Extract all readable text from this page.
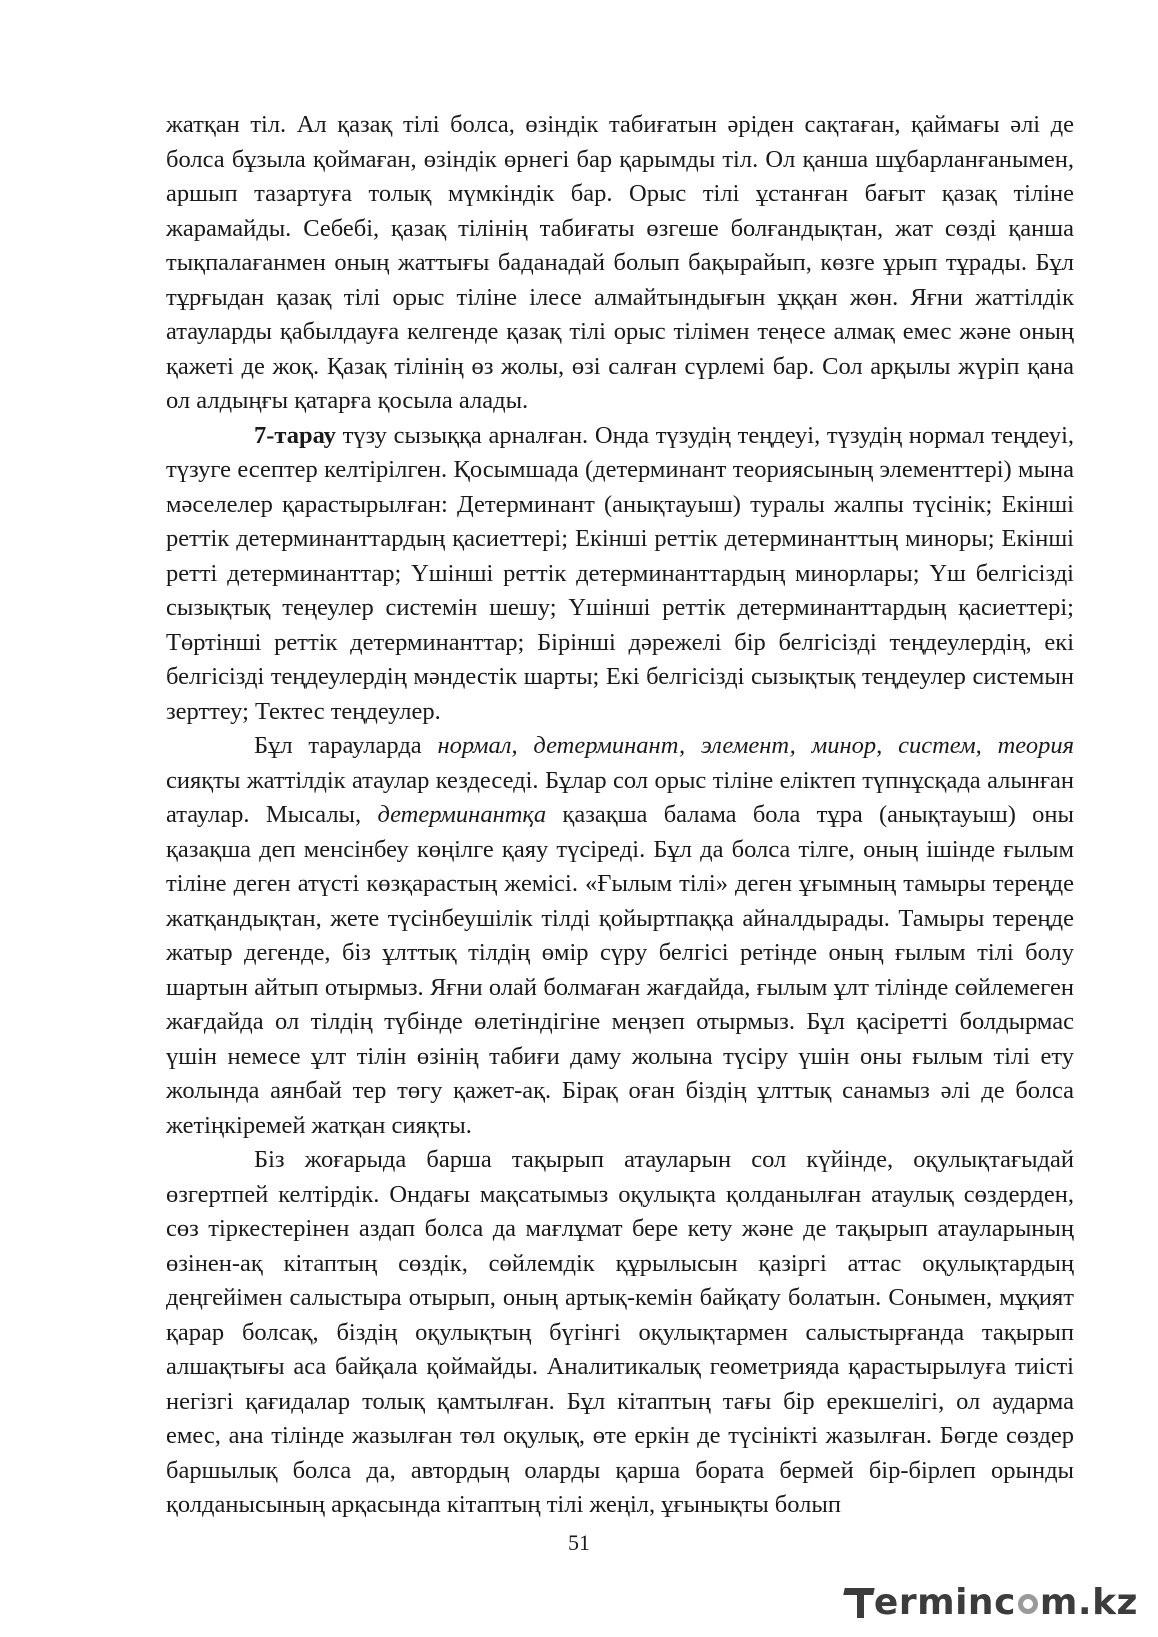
жатқан тіл. Ал қазақ тілі болса, өзіндік табиғатын әріден сақтаған, қаймағы әлі де болса бұзыла қоймаған, өзіндік өрнегі бар қарымды тіл. Ол қанша шұбарланғанымен, аршып тазартуға толық мүмкіндік бар. Орыс тілі ұстанған бағыт қазақ тіліне жарамайды. Себебі, қазақ тілінің табиғаты өзгеше болғандықтан, жат сөзді қанша тықпалағанмен оның жаттығы баданадай болып бақырайып, көзге ұрып тұрады. Бұл тұрғыдан қазақ тілі орыс тіліне ілесе алмайтындығын ұққан жөн. Яғни жаттілдік атауларды қабылдауға келгенде қазақ тілі орыс тілімен теңесе алмақ емес және оның қажеті де жоқ. Қазақ тілінің өз жолы, өзі салған сүрлемі бар. Сол арқылы жүріп қана ол алдыңғы қатарға қосыла алады.

7-тарау түзу сызыққа арналған. Онда түзудің теңдеуі, түзудің нормал теңдеуі, түзуге есептер келтірілген. Қосымшада (детерминант теориясының элементтері) мына мәселелер қарастырылған: Детерминант (анықтауыш) туралы жалпы түсінік; Екінші реттік детерминанттардың қасиеттері; Екінші реттік детерминанттың миноры; Екінші ретті детерминанттар; Үшінші реттік детерминанттардың минорлары; Үш белгісізді сызықтық теңеулер системін шешу; Үшінші реттік детерминанттардың қасиеттері; Төртінші реттік детерминанттар; Бірінші дәрежелі бір белгісізді теңдеулердің, екі белгісізді теңдеулердің мәндестік шарты; Екі белгісізді сызықтық теңдеулер системын зерттеу; Тектес теңдеулер.

Бұл тарауларда нормал, детерминант, элемент, минор, систем, теория сияқты жаттілдік атаулар кездеседі. Бұлар сол орыс тіліне еліктеп түпнұсқада алынған атаулар. Мысалы, детерминантқа қазақша балама бола тұра (анықтауыш) оны қазақша деп менсінбеу көңілге қаяу түсіреді. Бұл да болса тілге, оның ішінде ғылым тіліне деген атүсті көзқарастың жемісі. «Ғылым тілі» деген ұғымның тамыры тереңде жатқандықтан, жете түсінбеушілік тілді қойыртпаққа айналдырады. Тамыры тереңде жатыр дегенде, біз ұлттық тілдің өмір сүру белгісі ретінде оның ғылым тілі болу шартын айтып отырмыз. Яғни олай болмаған жағдайда, ғылым ұлт тілінде сөйлемеген жағдайда ол тілдің түбінде өлетіндігіне меңзеп отырмыз. Бұл қасіретті болдырмас үшін немесе ұлт тілін өзінің табиғи даму жолына түсіру үшін оны ғылым тілі ету жолында аянбай тер төгу қажет-ақ. Бірақ оған біздің ұлттық санамыз әлі де болса жетіңкіремей жатқан сияқты.

Біз жоғарыда барша тақырып атауларын сол күйінде, оқулықтағыдай өзгертпей келтірдік. Ондағы мақсатымыз оқулықта қолданылған атаулық сөздерден, сөз тіркестерінен аздап болса да мағлұмат бере кету және де тақырып атауларының өзінен-ақ кітаптың сөздік, сөйлемдік құрылысын қазіргі аттас оқулықтардың деңгейімен салыстыра отырып, оның артық-кемін байқату болатын. Сонымен, мұқият қарар болсақ, біздің оқулықтың бүгінгі оқулықтармен салыстырғанда тақырып алшақтығы аса байқала қоймайды. Аналитикалық геометрияда қарастырылуға тиісті негізгі қағидалар толық қамтылған. Бұл кітаптың тағы бір ерекшелігі, ол аударма емес, ана тілінде жазылған төл оқулық, өте еркін де түсінікті жазылған. Бөгде сөздер баршылық болса да, автордың оларды қарша бората бермей бір-бірлеп орынды қолданысының арқасында кітаптың тілі жеңіл, ұғынықты болып

51
ermin c m.kz
